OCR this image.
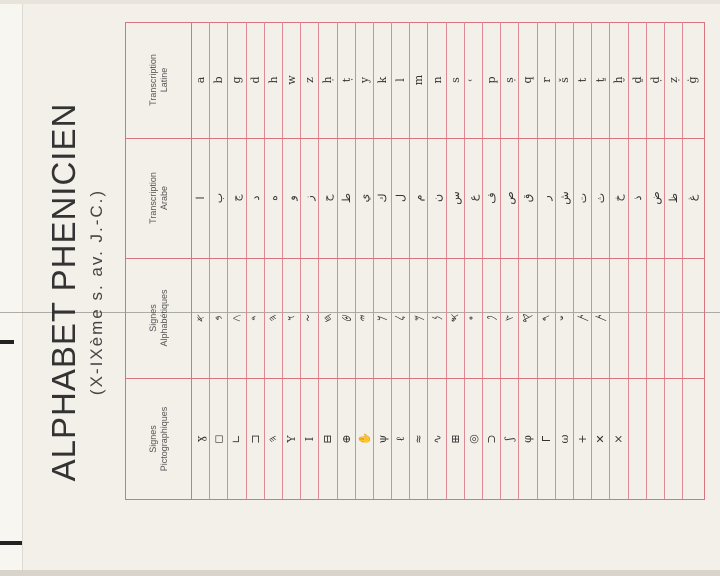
ALPHABET PHENICIEN (X-IXème s. av. J.-C.)
Signes
Pictographiques	ɣ ◻ ∟ ⊐ 𐤄 Y I ⊟ ⊕ ✋ ψ ℓ ≈ ∿ ⊞ ◎ ⊃ ʃ φ ᒥ ω + ✕ ×
Signes
Alphabétiques	𐤀 𐤁 𐤂 𐤃 𐤄 𐤅 𐤆 𐤇 𐤈 𐤉 𐤊 𐤋 𐤌 𐤍 𐤎 𐤏 𐤐 𐤑 𐤒 𐤓 𐤔 𐤕 𐤕
Transcription
Arabe	ا ب ج د ه و ز ح ط ي ك ل م ن س ع ف ص ق ر ش ت ث خ ذ ض ظ غ
Transcription
Latine	a b g d h w z ḥ ṭ y k l m n s ʿ p ṣ q r š t ṯ ḫ ḏ ḍ ẓ ġ
